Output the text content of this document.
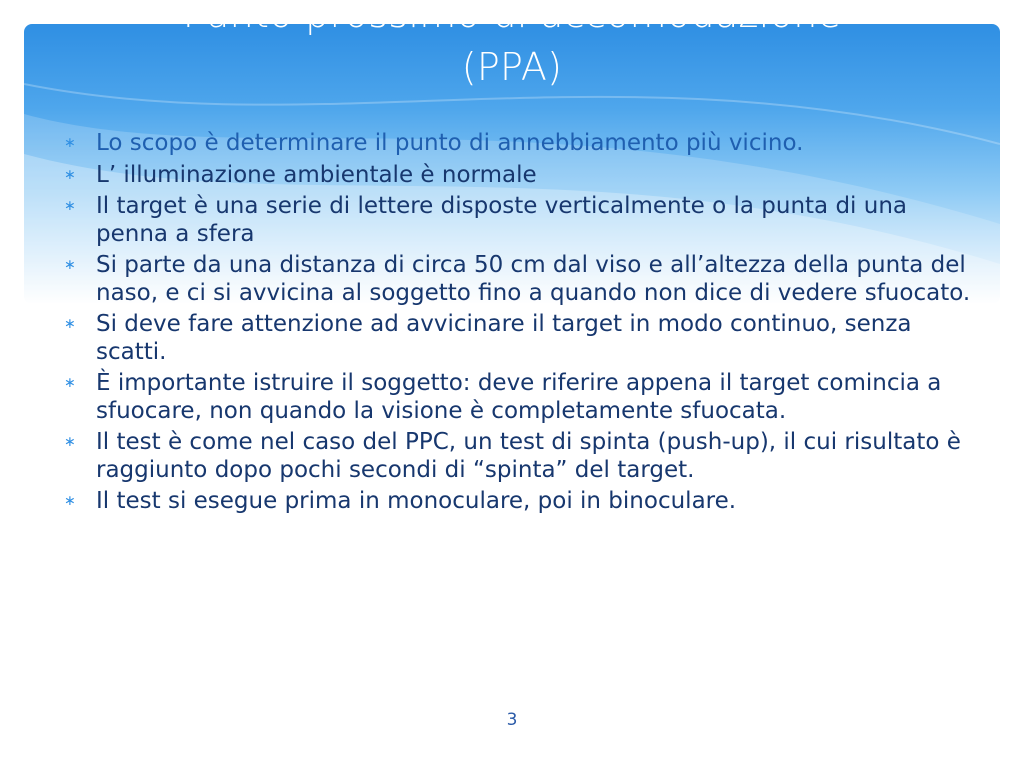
Punto prossimo di accomodazione
(PPA)
∗ Lo scopo è determinare il punto di annebbiamento più vicino.
∗ L’ illuminazione ambientale è normale
∗ Il target è una serie di lettere disposte verticalmente o la punta di una penna a sfera
∗ Si parte da una distanza di circa 50 cm dal viso e all’altezza della punta del naso, e ci si avvicina al soggetto fino a quando non dice di vedere sfuocato.
∗ Si deve fare attenzione ad avvicinare il target in modo continuo, senza scatti.
∗ È importante istruire il soggetto: deve riferire appena il target comincia a sfuocare, non quando la visione è completamente sfuocata.
∗ Il test è come nel caso del PPC, un test di spinta (push-up), il cui risultato è raggiunto dopo pochi secondi di “spinta” del target.
∗ Il test si esegue prima in monoculare, poi in binoculare.
3
